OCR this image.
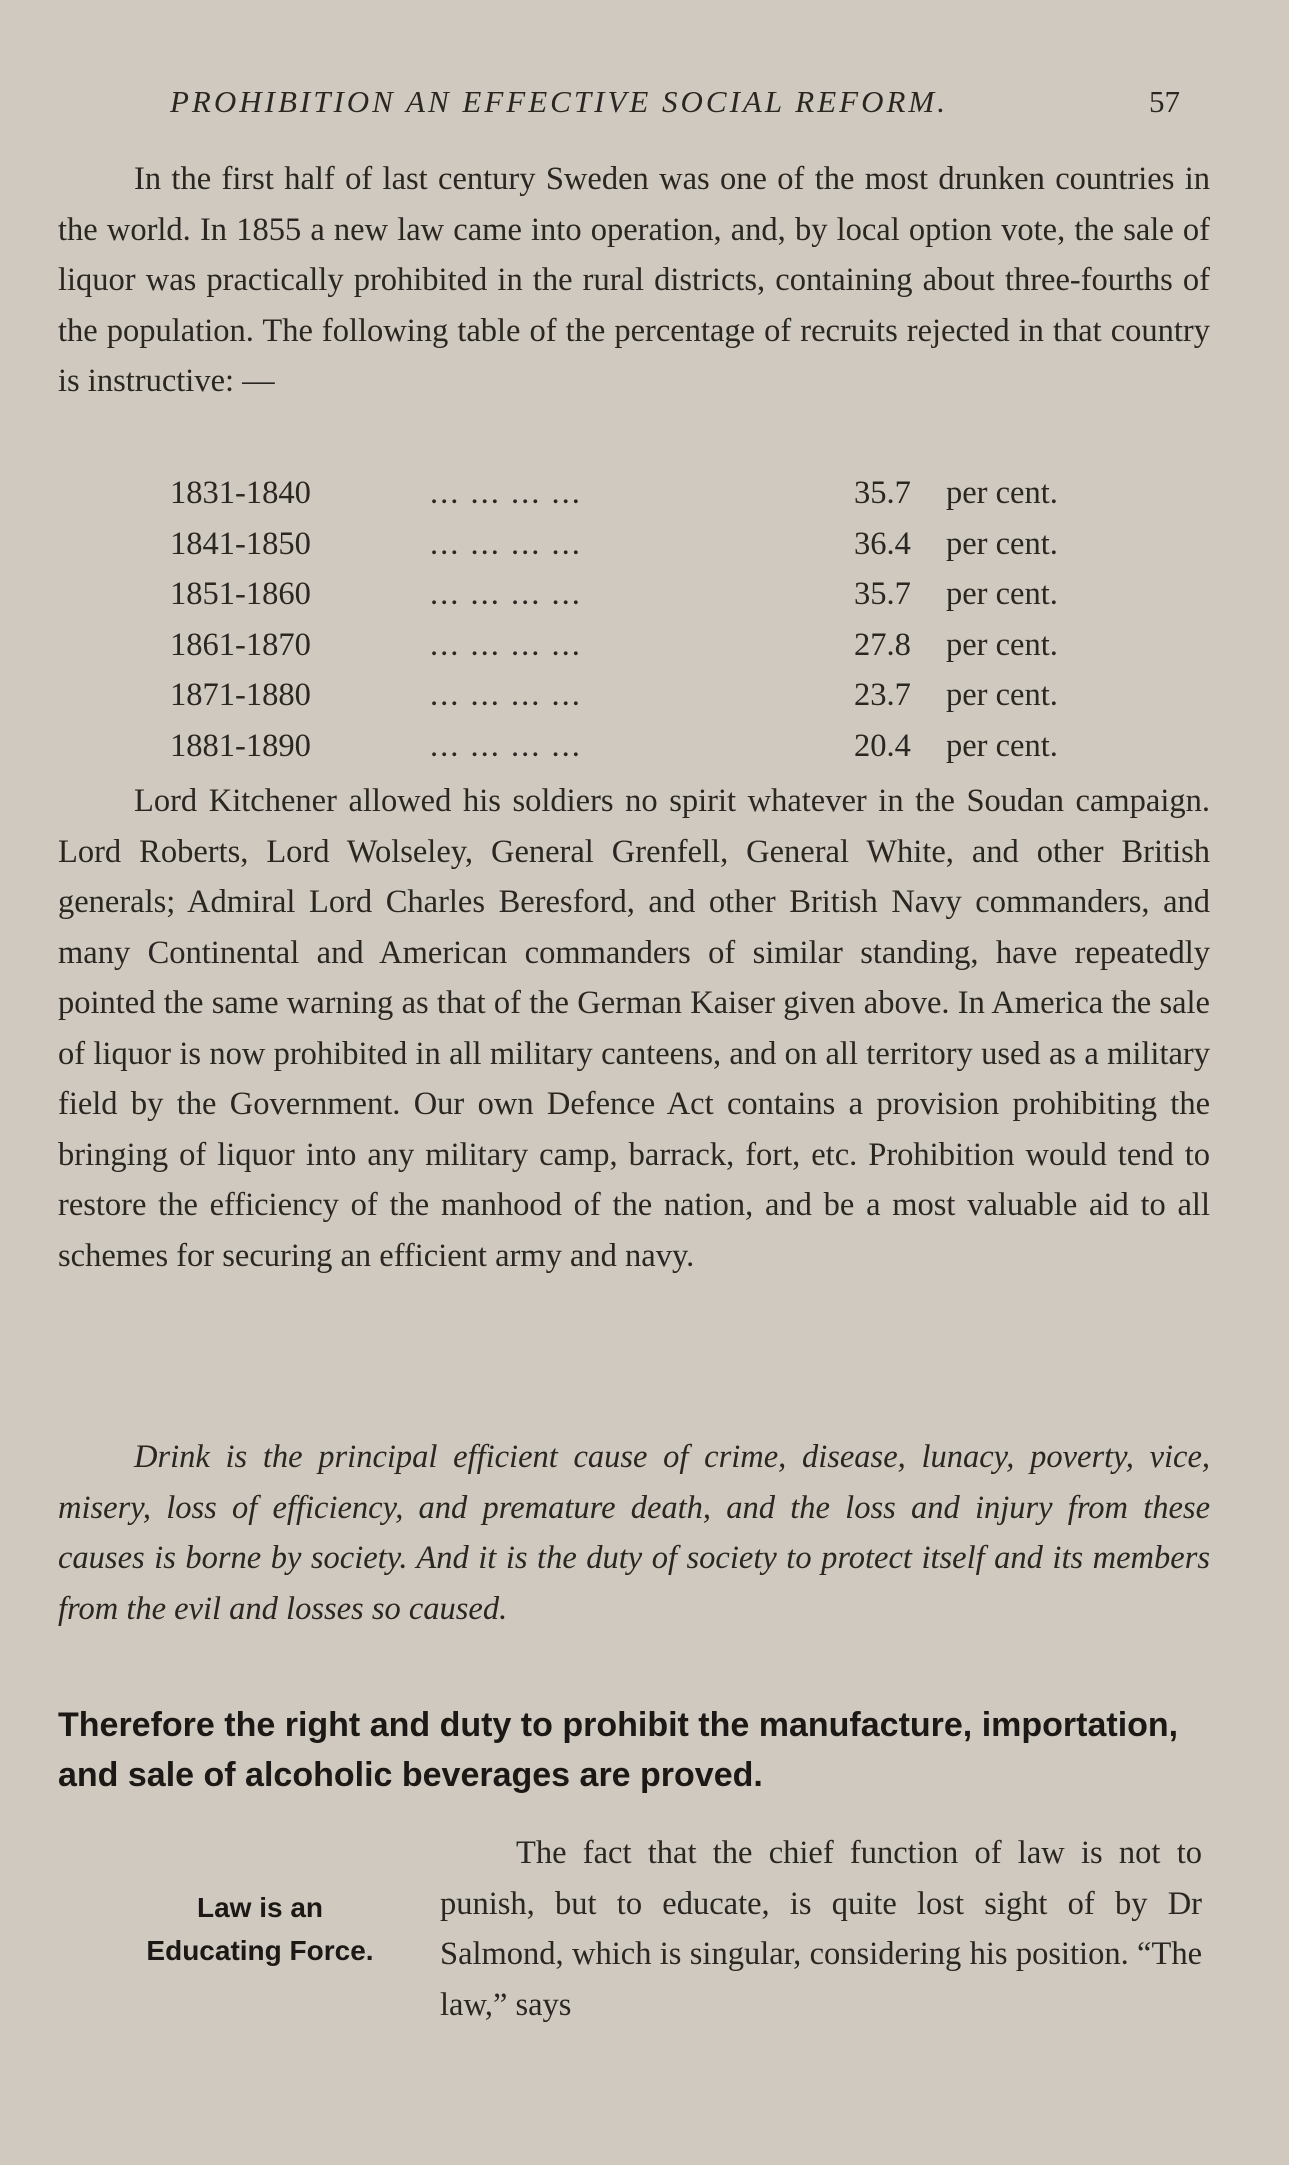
PROHIBITION AN EFFECTIVE SOCIAL REFORM.	57

In the first half of last century Sweden was one of the most drunken countries in the world. In 1855 a new law came into operation, and, by local option vote, the sale of liquor was practically prohibited in the rural districts, containing about three-fourths of the population. The following table of the percentage of recruits rejected in that country is instructive: —

1831-1840	... ... ... ...	35.7 per cent.
1841-1850	... ... ... ...	36.4 per cent.
1851-1860	... ... ... ...	35.7 per cent.
1861-1870	... ... ... ...	27.8 per cent.
1871-1880	... ... ... ...	23.7 per cent.
1881-1890	... ... ... ...	20.4 per cent.

Lord Kitchener allowed his soldiers no spirit whatever in the Soudan campaign. Lord Roberts, Lord Wolseley, General Grenfell, General White, and other British generals; Admiral Lord Charles Beresford, and other British Navy commanders, and many Continental and American commanders of similar standing, have repeatedly pointed the same warning as that of the German Kaiser given above. In America the sale of liquor is now prohibited in all military canteens, and on all territory used as a military field by the Government. Our own Defence Act contains a provision prohibiting the bringing of liquor into any military camp, barrack, fort, etc. Prohibition would tend to restore the efficiency of the manhood of the nation, and be a most valuable aid to all schemes for securing an efficient army and navy.

Drink is the principal efficient cause of crime, disease, lunacy, poverty, vice, misery, loss of efficiency, and premature death, and the loss and injury from these causes is borne by society. And it is the duty of society to protect itself and its members from the evil and losses so caused.

Therefore the right and duty to prohibit the manufacture, importation, and sale of alcoholic beverages are proved.
Law is an
Educating Force.

The fact that the chief function of law is not to punish, but to educate, is quite lost sight of by Dr Salmond, which is singular, considering his position. “The law,” says
